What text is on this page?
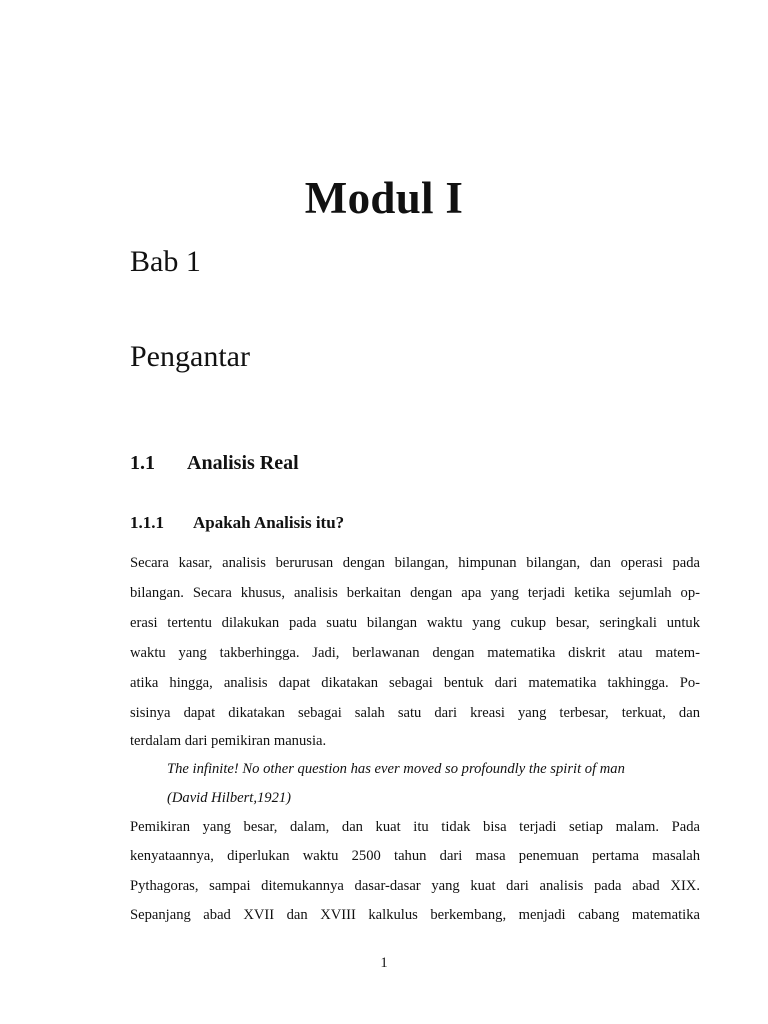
Modul I
Bab 1
Pengantar
1.1 Analisis Real
1.1.1 Apakah Analisis itu?
Secara kasar, analisis berurusan dengan bilangan, himpunan bilangan, dan operasi pada
bilangan. Secara khusus, analisis berkaitan dengan apa yang terjadi ketika sejumlah op-
erasi tertentu dilakukan pada suatu bilangan waktu yang cukup besar, seringkali untuk
waktu yang takberhingga. Jadi, berlawanan dengan matematika diskrit atau matem-
atika hingga, analisis dapat dikatakan sebagai bentuk dari matematika takhingga. Po-
sisinya dapat dikatakan sebagai salah satu dari kreasi yang terbesar, terkuat, dan
terdalam dari pemikiran manusia.
The infinite! No other question has ever moved so profoundly the spirit of man
(David Hilbert,1921)
Pemikiran yang besar, dalam, dan kuat itu tidak bisa terjadi setiap malam. Pada
kenyataannya, diperlukan waktu 2500 tahun dari masa penemuan pertama masalah
Pythagoras, sampai ditemukannya dasar-dasar yang kuat dari analisis pada abad XIX.
Sepanjang abad XVII dan XVIII kalkulus berkembang, menjadi cabang matematika
1
